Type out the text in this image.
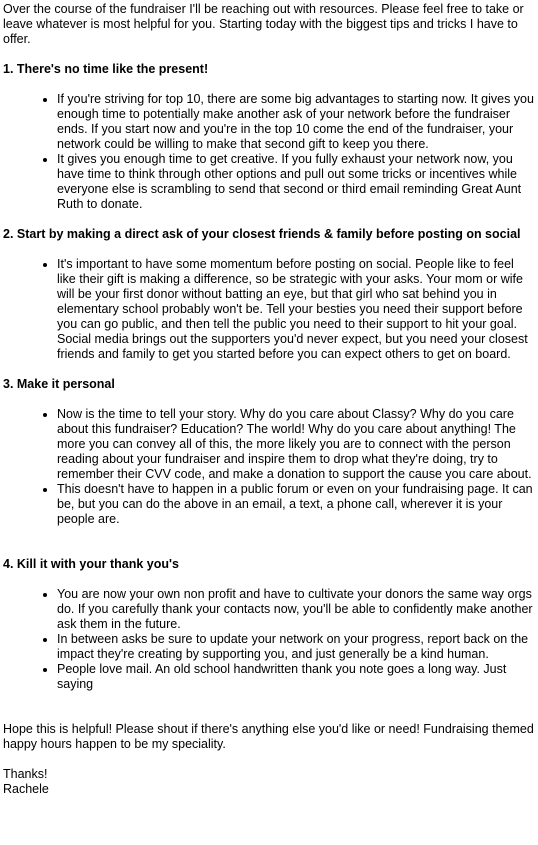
Over the course of the fundraiser I'll be reaching out with resources. Please feel free to take or leave whatever is most helpful for you. Starting today with the biggest tips and tricks I have to offer.

1. There's no time like the present!

• If you're striving for top 10, there are some big advantages to starting now. It gives you enough time to potentially make another ask of your network before the fundraiser ends. If you start now and you're in the top 10 come the end of the fundraiser, your network could be willing to make that second gift to keep you there.
• It gives you enough time to get creative. If you fully exhaust your network now, you have time to think through other options and pull out some tricks or incentives while everyone else is scrambling to send that second or third email reminding Great Aunt Ruth to donate.

2. Start by making a direct ask of your closest friends & family before posting on social

• It's important to have some momentum before posting on social. People like to feel like their gift is making a difference, so be strategic with your asks. Your mom or wife will be your first donor without batting an eye, but that girl who sat behind you in elementary school probably won't be. Tell your besties you need their support before you can go public, and then tell the public you need to their support to hit your goal. Social media brings out the supporters you'd never expect, but you need your closest friends and family to get you started before you can expect others to get on board.

3. Make it personal

• Now is the time to tell your story. Why do you care about Classy? Why do you care about this fundraiser? Education? The world! Why do you care about anything! The more you can convey all of this, the more likely you are to connect with the person reading about your fundraiser and inspire them to drop what they're doing, try to remember their CVV code, and make a donation to support the cause you care about.
• This doesn't have to happen in a public forum or even on your fundraising page. It can be, but you can do the above in an email, a text, a phone call, wherever it is your people are.

4. Kill it with your thank you's

• You are now your own non profit and have to cultivate your donors the same way orgs do. If you carefully thank your contacts now, you'll be able to confidently make another ask them in the future.
• In between asks be sure to update your network on your progress, report back on the impact they're creating by supporting you, and just generally be a kind human.
• People love mail. An old school handwritten thank you note goes a long way. Just saying

Hope this is helpful! Please shout if there's anything else you'd like or need! Fundraising themed happy hours happen to be my speciality.

Thanks!

Rachele
